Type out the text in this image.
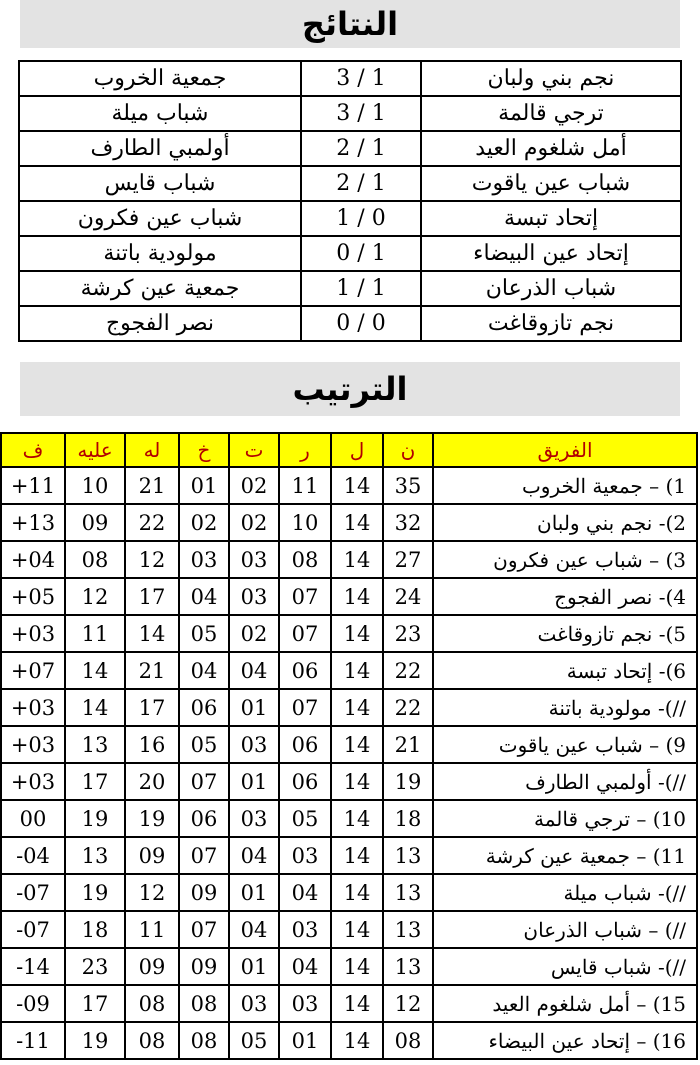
النتائج
جمعية الخروب	3 / 1	نجم بني ولبان
شباب ميلة	3 / 1	ترجي قالمة
أولمبي الطارف	2 / 1	أمل شلغوم العيد
شباب قايس	2 / 1	شباب عين ياقوت
شباب عين فكرون	1 / 0	إتحاد تبسة
مولودية باتنة	0 / 1	إتحاد عين البيضاء
جمعية عين كرشة	1 / 1	شباب الذرعان
نصر الفجوج	0 / 0	نجم تازوقاغت
الترتيب
ف	عليه	له	خ	ت	ر	ل	ن	الفريق
+11	10	21	01	02	11	14	35	1) – جمعية الخروب
+13	09	22	02	02	10	14	32	2)- نجم بني ولبان
+04	08	12	03	03	08	14	27	3) – شباب عين فكرون
+05	12	17	04	03	07	14	24	4)- نصر الفجوج
+03	11	14	05	02	07	14	23	5)- نجم تازوقاغت
+07	14	21	04	04	06	14	22	6)- إتحاد تبسة
+03	14	17	06	01	07	14	22	//)- مولودية باتنة
+03	13	16	05	03	06	14	21	9) – شباب عين ياقوت
+03	17	20	07	01	06	14	19	//)- أولمبي الطارف
00	19	19	06	03	05	14	18	10) – ترجي قالمة
-04	13	09	07	04	03	14	13	11) – جمعية عين كرشة
-07	19	12	09	01	04	14	13	//)- شباب ميلة
-07	18	11	07	04	03	14	13	//) – شباب الذرعان
-14	23	09	09	01	04	14	13	//)- شباب قايس
-09	17	08	08	03	03	14	12	15) – أمل شلغوم العيد
-11	19	08	08	05	01	14	08	16) – إتحاد عين البيضاء
